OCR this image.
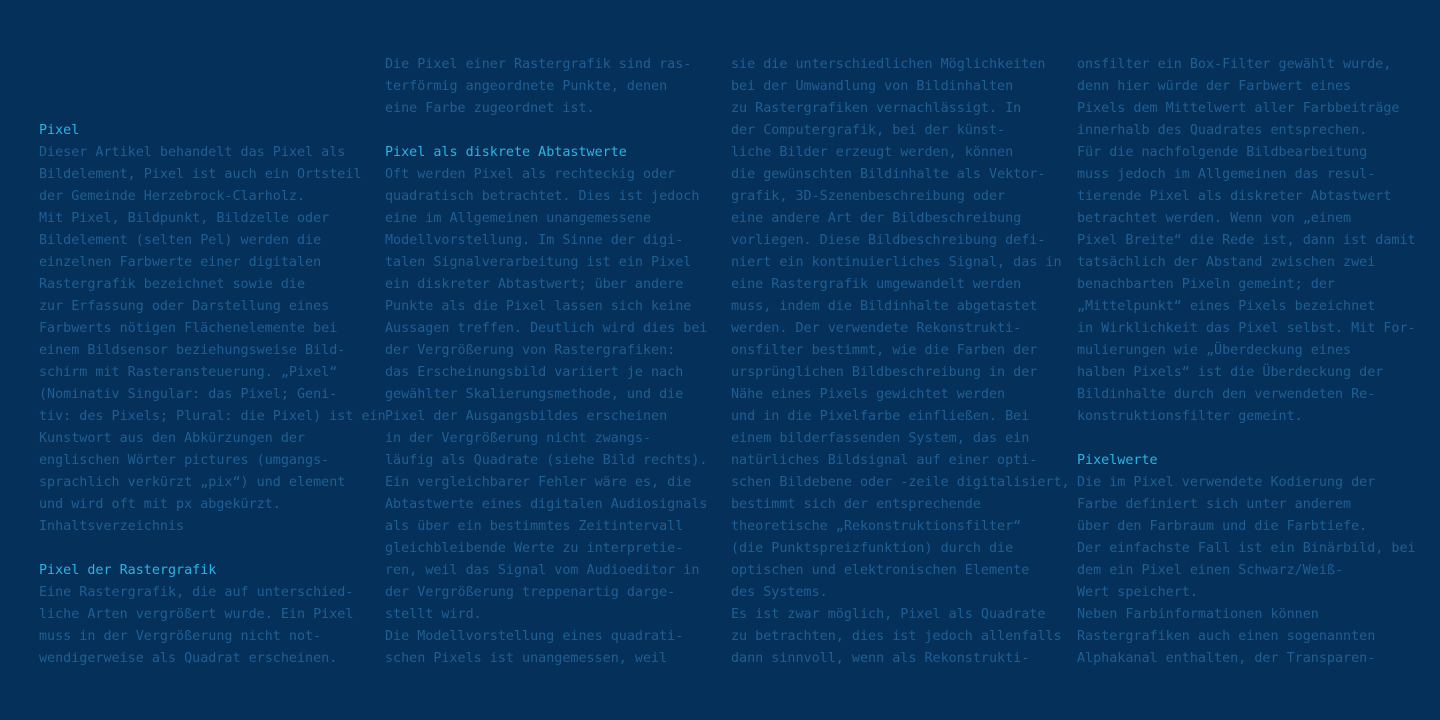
Pixel
Dieser Artikel behandelt das Pixel als
Bildelement, Pixel ist auch ein Ortsteil
der Gemeinde Herzebrock-Clarholz.
Mit Pixel, Bildpunkt, Bildzelle oder
Bildelement (selten Pel) werden die
einzelnen Farbwerte einer digitalen
Rastergrafik bezeichnet sowie die
zur Erfassung oder Darstellung eines
Farbwerts nötigen Flächenelemente bei
einem Bildsensor beziehungsweise Bild-
schirm mit Rasteransteuerung. „Pixel“
(Nominativ Singular: das Pixel; Geni-
tiv: des Pixels; Plural: die Pixel) ist ein
Kunstwort aus den Abkürzungen der
englischen Wörter pictures (umgangs-
sprachlich verkürzt „pix“) und element
und wird oft mit px abgekürzt.
Inhaltsverzeichnis
Pixel der Rastergrafik
Eine Rastergrafik, die auf unterschied-
liche Arten vergrößert wurde. Ein Pixel
muss in der Vergrößerung nicht not-
wendigerweise als Quadrat erscheinen.
Die Pixel einer Rastergrafik sind ras-
terförmig angeordnete Punkte, denen
eine Farbe zugeordnet ist.
Pixel als diskrete Abtastwerte
Oft werden Pixel als rechteckig oder
quadratisch betrachtet. Dies ist jedoch
eine im Allgemeinen unangemessene
Modellvorstellung. Im Sinne der digi-
talen Signalverarbeitung ist ein Pixel
ein diskreter Abtastwert; über andere
Punkte als die Pixel lassen sich keine
Aussagen treffen. Deutlich wird dies bei
der Vergrößerung von Rastergrafiken:
das Erscheinungsbild variiert je nach
gewählter Skalierungsmethode, und die
Pixel der Ausgangsbildes erscheinen
in der Vergrößerung nicht zwangs-
läufig als Quadrate (siehe Bild rechts).
Ein vergleichbarer Fehler wäre es, die
Abtastwerte eines digitalen Audiosignals
als über ein bestimmtes Zeitintervall
gleichbleibende Werte zu interpretie-
ren, weil das Signal vom Audioeditor in
der Vergrößerung treppenartig darge-
stellt wird.
Die Modellvorstellung eines quadrati-
schen Pixels ist unangemessen, weil
sie die unterschiedlichen Möglichkeiten
bei der Umwandlung von Bildinhalten
zu Rastergrafiken vernachlässigt. In
der Computergrafik, bei der künst-
liche Bilder erzeugt werden, können
die gewünschten Bildinhalte als Vektor-
grafik, 3D-Szenenbeschreibung oder
eine andere Art der Bildbeschreibung
vorliegen. Diese Bildbeschreibung defi-
niert ein kontinuierliches Signal, das in
eine Rastergrafik umgewandelt werden
muss, indem die Bildinhalte abgetastet
werden. Der verwendete Rekonstrukti-
onsfilter bestimmt, wie die Farben der
ursprünglichen Bildbeschreibung in der
Nähe eines Pixels gewichtet werden
und in die Pixelfarbe einfließen. Bei
einem bilderfassenden System, das ein
natürliches Bildsignal auf einer opti-
schen Bildebene oder -zeile digitalisiert,
bestimmt sich der entsprechende
theoretische „Rekonstruktionsfilter“
(die Punktspreizfunktion) durch die
optischen und elektronischen Elemente
des Systems.
Es ist zwar möglich, Pixel als Quadrate
zu betrachten, dies ist jedoch allenfalls
dann sinnvoll, wenn als Rekonstrukti-
onsfilter ein Box-Filter gewählt wurde,
denn hier würde der Farbwert eines
Pixels dem Mittelwert aller Farbbeiträge
innerhalb des Quadrates entsprechen.
Für die nachfolgende Bildbearbeitung
muss jedoch im Allgemeinen das resul-
tierende Pixel als diskreter Abtastwert
betrachtet werden. Wenn von „einem
Pixel Breite“ die Rede ist, dann ist damit
tatsächlich der Abstand zwischen zwei
benachbarten Pixeln gemeint; der
„Mittelpunkt“ eines Pixels bezeichnet
in Wirklichkeit das Pixel selbst. Mit For-
mulierungen wie „Überdeckung eines
halben Pixels“ ist die Überdeckung der
Bildinhalte durch den verwendeten Re-
konstruktionsfilter gemeint.
Pixelwerte
Die im Pixel verwendete Kodierung der
Farbe definiert sich unter anderem
über den Farbraum und die Farbtiefe.
Der einfachste Fall ist ein Binärbild, bei
dem ein Pixel einen Schwarz/Weiß-
Wert speichert.
Neben Farbinformationen können
Rastergrafiken auch einen sogenannten
Alphakanal enthalten, der Transparen-
